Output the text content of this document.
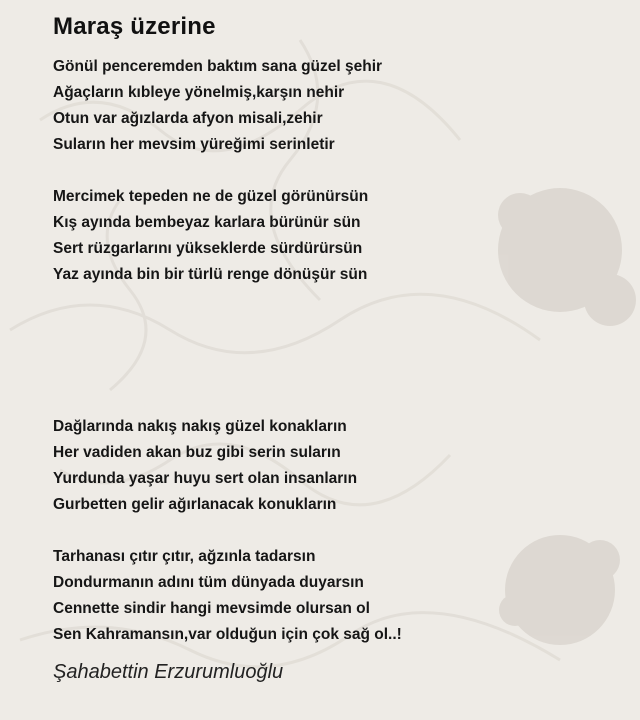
Maraş üzerine
Gönül penceremden baktım sana güzel şehir
Ağaçların kıbleye yönelmiş,karşın nehir
Otun var ağızlarda afyon misali,zehir
Suların her mevsim yüreğimi serinletir
Mercimek tepeden ne de güzel görünürsün
Kış ayında bembeyaz karlara bürünür sün
Sert rüzgarlarını yükseklerde sürdürürsün
Yaz ayında bin bir türlü renge dönüşür sün
Dağlarında nakış nakış güzel konakların
Her vadiden akan buz gibi serin suların
Yurdunda yaşar huyu sert olan insanların
Gurbetten gelir ağırlanacak konukların
Tarhanası çıtır çıtır, ağzınla tadarsın
Dondurmanın adını tüm dünyada duyarsın
Cennette sindir hangi mevsimde olursan ol
Sen Kahramansın,var olduğun için çok sağ ol..!
Şahabettin Erzurumluoğlu
